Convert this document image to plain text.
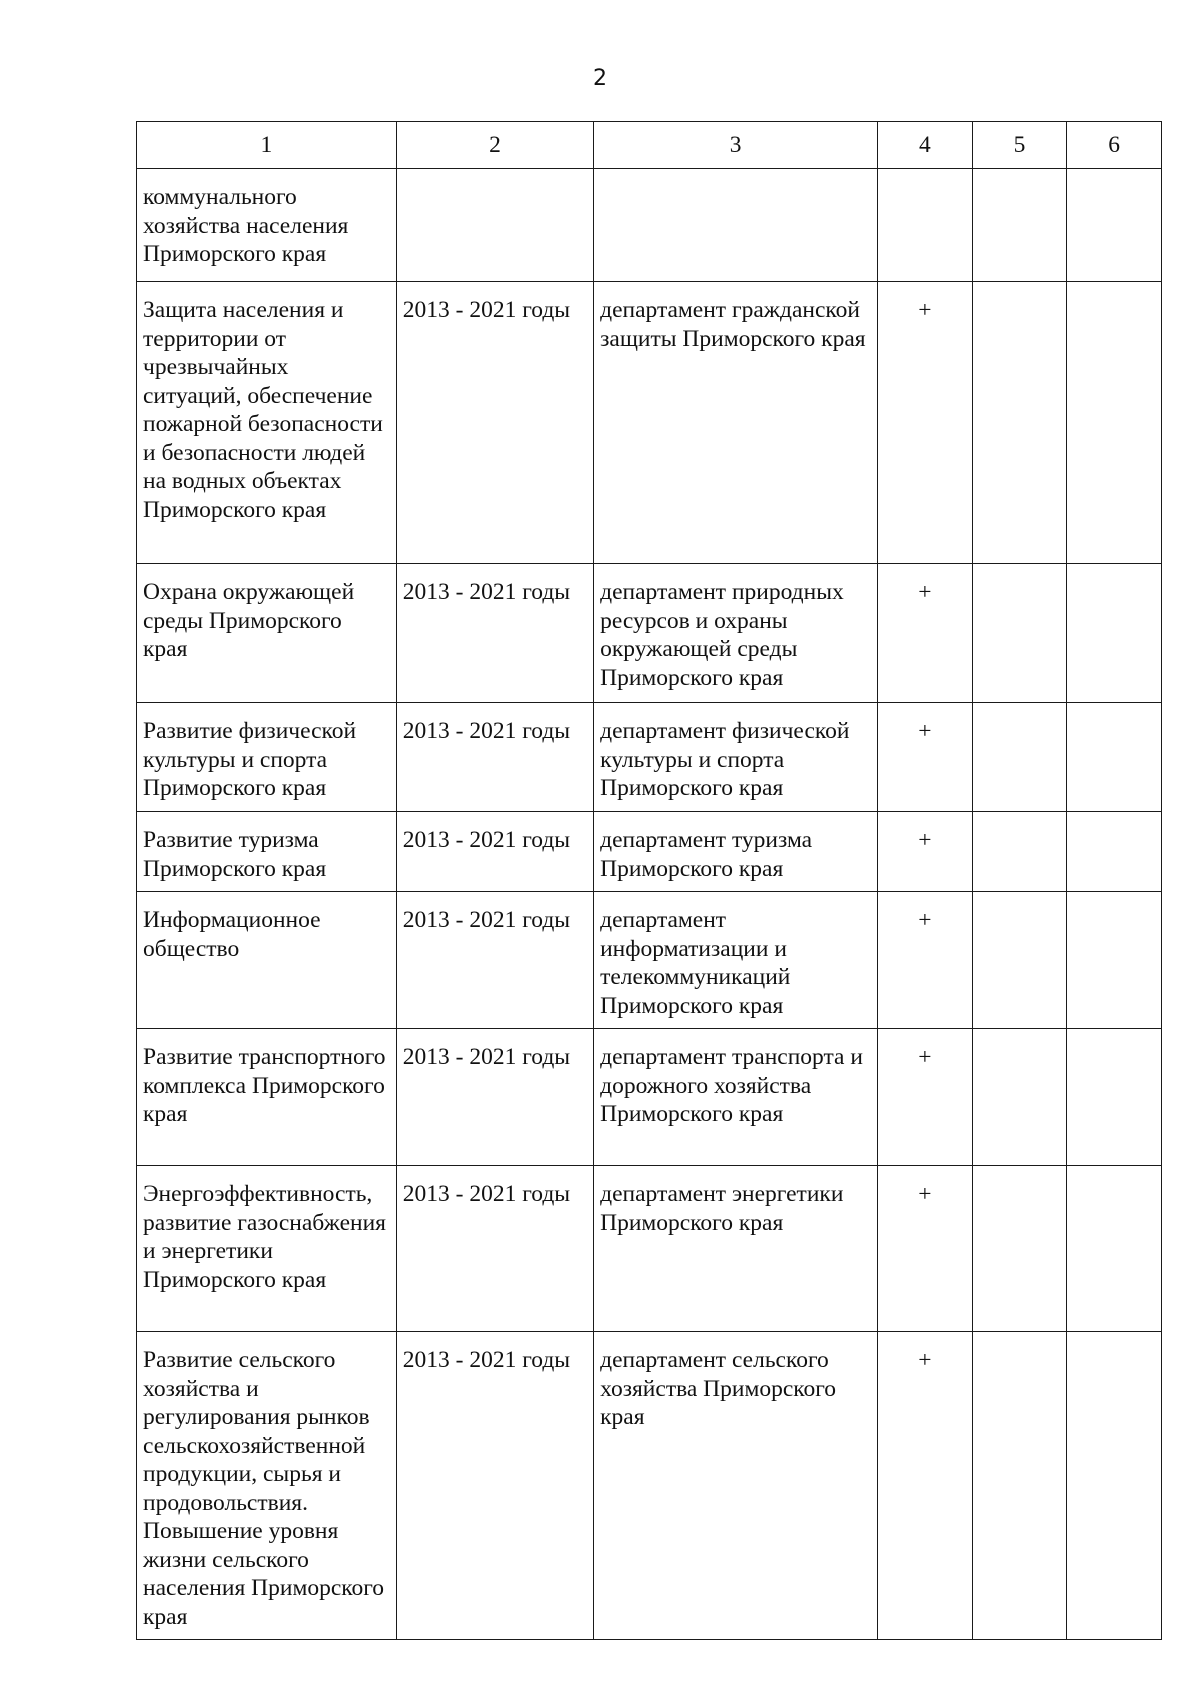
2
1	2	3	4	5	6
коммунального хозяйства населения Приморского края					
Защита населения и территории от чрезвычайных ситуаций, обеспечение пожарной безопасности и безопасности людей на водных объектах Приморского края	2013 - 2021 годы	департамент гражданской защиты Приморского края	+		
Охрана окружающей среды Приморского края	2013 - 2021 годы	департамент природных ресурсов и охраны окружающей среды Приморского края	+		
Развитие физической культуры и спорта Приморского края	2013 - 2021 годы	департамент физической культуры и спорта Приморского края	+		
Развитие туризма Приморского края	2013 - 2021 годы	департамент туризма Приморского края	+		
Информационное общество	2013 - 2021 годы	департамент информатизации и телекоммуникаций Приморского края	+		
Развитие транспортного комплекса Приморского края	2013 - 2021 годы	департамент транспорта и дорожного хозяйства Приморского края	+		
Энергоэффективность, развитие газоснабжения и энергетики Приморского края	2013 - 2021 годы	департамент энергетики Приморского края	+		
Развитие сельского хозяйства и регулирования рынков сельскохозяйственной продукции, сырья и продовольствия. Повышение уровня жизни сельского населения Приморского края	2013 - 2021 годы	департамент сельского хозяйства Приморского края	+		
